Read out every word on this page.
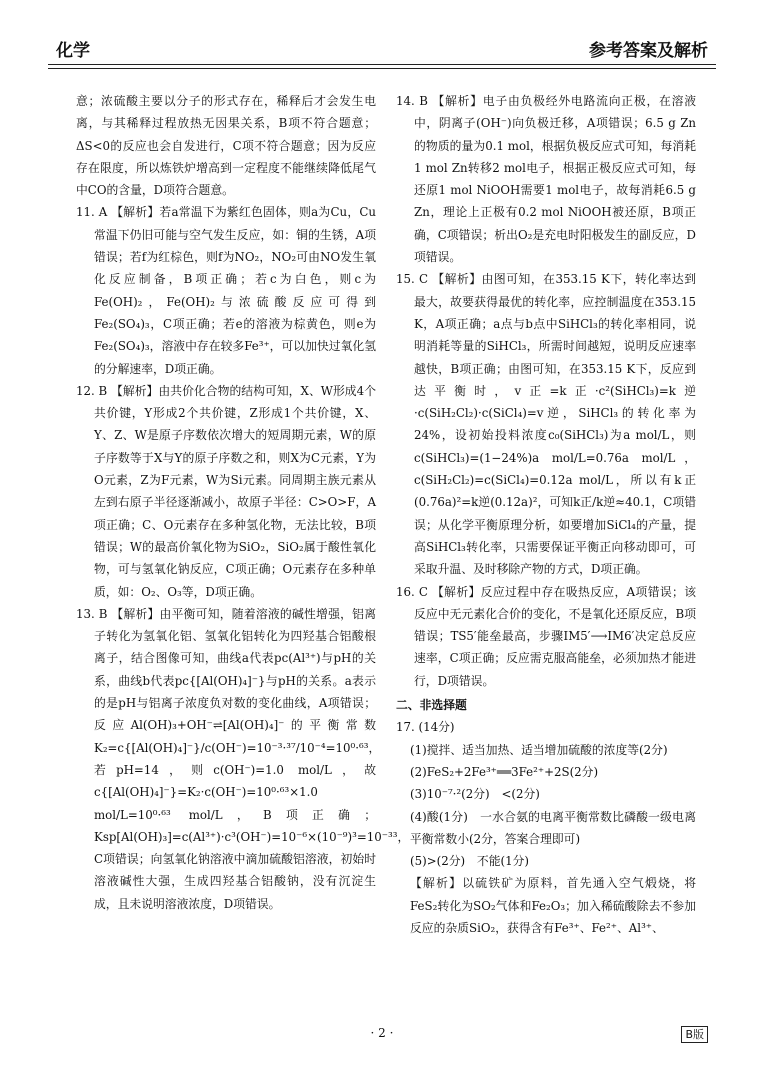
化学	参考答案及解析

意；浓硫酸主要以分子的形式存在，稀释后才会发生电离，与其稀释过程放热无因果关系，B项不符合题意；ΔS<0的反应也会自发进行，C项不符合题意；因为反应存在限度，所以炼铁炉增高到一定程度不能继续降低尾气中CO的含量，D项符合题意。

11. A 【解析】若a常温下为紫红色固体，则a为Cu，Cu常温下仍旧可能与空气发生反应，如：铜的生锈，A项错误；若f为红棕色，则f为NO₂，NO₂可由NO发生氧化反应制备，B项正确；若c为白色，则c为Fe(OH)₂，Fe(OH)₂与浓硫酸反应可得到Fe₂(SO₄)₃，C项正确；若e的溶液为棕黄色，则e为Fe₂(SO₄)₃，溶液中存在较多Fe³⁺，可以加快过氧化氢的分解速率，D项正确。

12. B 【解析】由共价化合物的结构可知，X、W形成4个共价键，Y形成2个共价键，Z形成1个共价键，X、Y、Z、W是原子序数依次增大的短周期元素，W的原子序数等于X与Y的原子序数之和，则X为C元素，Y为O元素，Z为F元素，W为Si元素。同周期主族元素从左到右原子半径逐渐减小，故原子半径：C>O>F，A项正确；C、O元素存在多种氢化物，无法比较，B项错误；W的最高价氧化物为SiO₂，SiO₂属于酸性氧化物，可与氢氧化钠反应，C项正确；O元素存在多种单质，如：O₂、O₃等，D项正确。

13. B 【解析】由平衡可知，随着溶液的碱性增强，铝离子转化为氢氧化铝、氢氧化铝转化为四羟基合铝酸根离子，结合图像可知，曲线a代表pc(Al³⁺)与pH的关系，曲线b代表pc{[Al(OH)₄]⁻}与pH的关系。a表示的是pH与铝离子浓度负对数的变化曲线，A项错误；反应Al(OH)₃+OH⁻⇌[Al(OH)₄]⁻的平衡常数K₂=c{[Al(OH)₄]⁻}/c(OH⁻)=10⁻³·³⁷/10⁻⁴=10⁰·⁶³，若pH=14，则c(OH⁻)=1.0 mol/L，故c{[Al(OH)₄]⁻}=K₂·c(OH⁻)=10⁰·⁶³×1.0 mol/L=10⁰·⁶³ mol/L，B项正确；Ksp[Al(OH)₃]=c(Al³⁺)·c³(OH⁻)=10⁻⁶×(10⁻⁹)³=10⁻³³，C项错误；向氢氧化钠溶液中滴加硫酸铝溶液，初始时溶液碱性大强，生成四羟基合铝酸钠，没有沉淀生成，且未说明溶液浓度，D项错误。

14. B 【解析】电子由负极经外电路流向正极，在溶液中，阴离子(OH⁻)向负极迁移，A项错误；6.5 g Zn的物质的量为0.1 mol，根据负极反应式可知，每消耗1 mol Zn转移2 mol电子，根据正极反应式可知，每还原1 mol NiOOH需要1 mol电子，故每消耗6.5 g Zn，理论上正极有0.2 mol NiOOH被还原，B项正确，C项错误；析出O₂是充电时阳极发生的副反应，D项错误。

15. C 【解析】由图可知，在353.15 K下，转化率达到最大，故要获得最优的转化率，应控制温度在353.15 K，A项正确；a点与b点中SiHCl₃的转化率相同，说明消耗等量的SiHCl₃，所需时间越短，说明反应速率越快，B项正确；由图可知，在353.15 K下，反应到达平衡时，v正=k正·c²(SiHCl₃)=k逆·c(SiH₂Cl₂)·c(SiCl₄)=v逆，SiHCl₃的转化率为24%，设初始投料浓度c₀(SiHCl₃)为a mol/L，则c(SiHCl₃)=(1−24%)a mol/L=0.76a mol/L，c(SiH₂Cl₂)=c(SiCl₄)=0.12a mol/L，所以有k正(0.76a)²=k逆(0.12a)²，可知k正/k逆≈40.1，C项错误；从化学平衡原理分析，如要增加SiCl₄的产量，提高SiHCl₃转化率，只需要保证平衡正向移动即可，可采取升温、及时移除产物的方式，D项正确。

16. C 【解析】反应过程中存在吸热反应，A项错误；该反应中无元素化合价的变化，不是氧化还原反应，B项错误；TS5′能垒最高，步骤IM5′⟶IM6′决定总反应速率，C项正确；反应需克服高能垒，必须加热才能进行，D项错误。

二、非选择题

17. (14分)

(1)搅拌、适当加热、适当增加硫酸的浓度等(2分)

(2)FeS₂+2Fe³⁺══3Fe²⁺+2S(2分)

(3)10⁻⁷·²(2分)　<(2分)

(4)酸(1分)　一水合氨的电离平衡常数比磷酸一级电离平衡常数小(2分，答案合理即可)

(5)>(2分)　不能(1分)

【解析】以硫铁矿为原料，首先通入空气煅烧，将FeS₂转化为SO₂气体和Fe₂O₃；加入稀硫酸除去不参加反应的杂质SiO₂，获得含有Fe³⁺、Fe²⁺、Al³⁺、

· 2 ·	B版
